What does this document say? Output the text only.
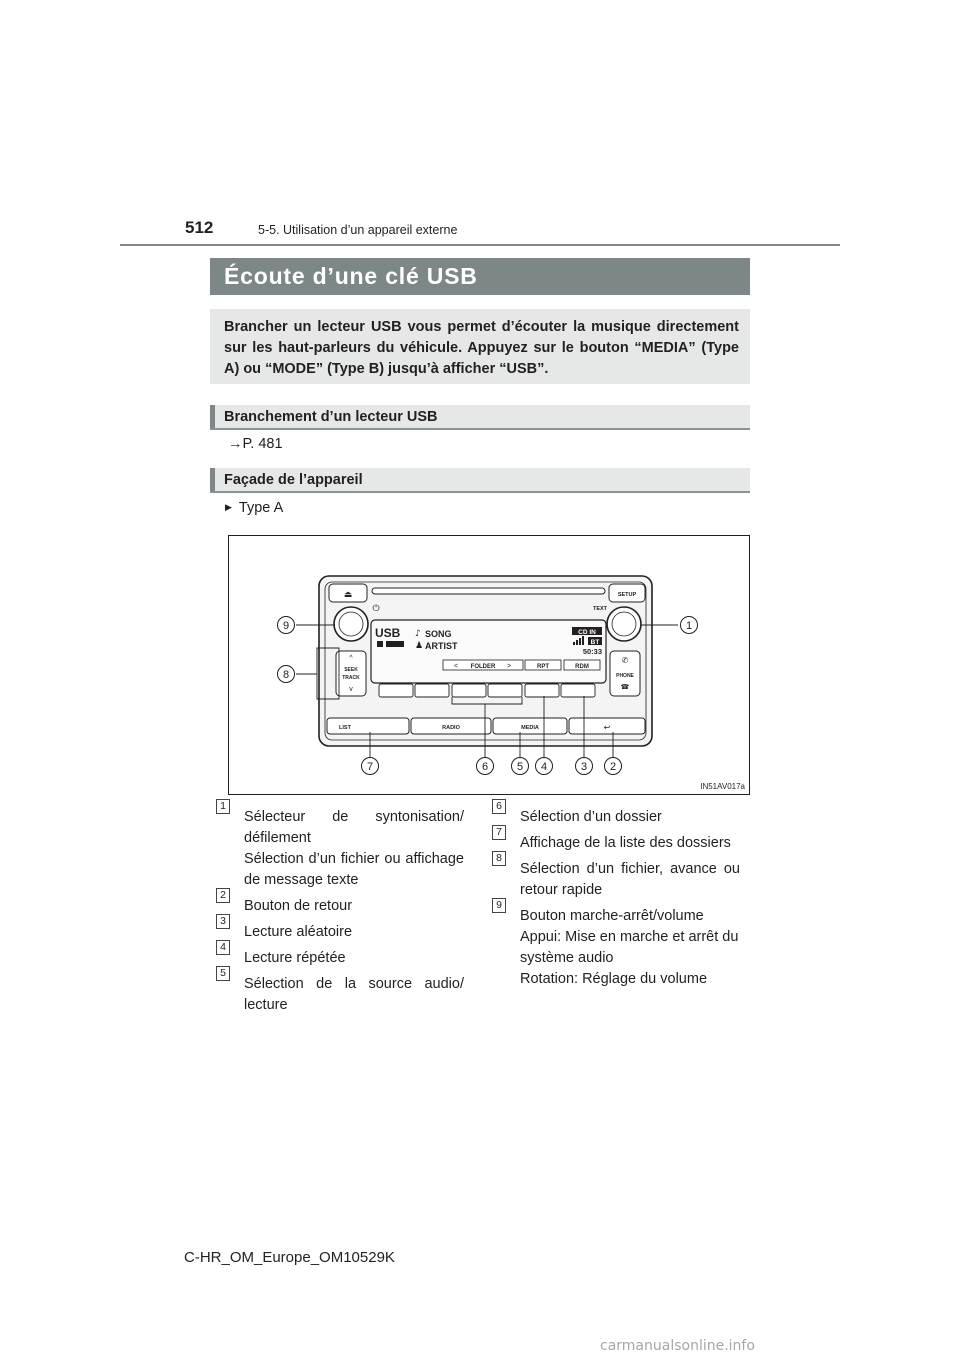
512	5-5. Utilisation d’un appareil externe
Écoute d’une clé USB

Brancher un lecteur USB vous permet d’écouter la musique directement sur les haut-parleurs du véhicule. Appuyez sur le bouton “MEDIA” (Type A) ou “MODE” (Type B) jusqu’à afficher “USB”.

Branchement d’un lecteur USB
→P. 481
Façade de l’appareil
▶ Type A
⏏	SETUP
TEXT
⏻
USB ♪ SONG
♟ ARTIST
CD IN
BT
50:33
< FOLDER >	RPT	RDM
^
SEEK
TRACK
v
✆
PHONE
☎
LIST	RADIO	MEDIA	↩
9
8
1
7	6	5 4	3 2
IN51AV017a
1
Sélecteur de syntonisation/
défilement
Sélection d’un fichier ou affichage
de message texte
2
Bouton de retour
3
Lecture aléatoire
4
Lecture répétée
5
Sélection de la source audio/
lecture
6
Sélection d’un dossier
7
Affichage de la liste des dossiers
8
Sélection d’un fichier, avance ou
retour rapide
9
Bouton marche-arrêt/volume
Appui: Mise en marche et arrêt du
système audio
Rotation: Réglage du volume
C-HR_OM_Europe_OM10529K
carmanualsonline.info
